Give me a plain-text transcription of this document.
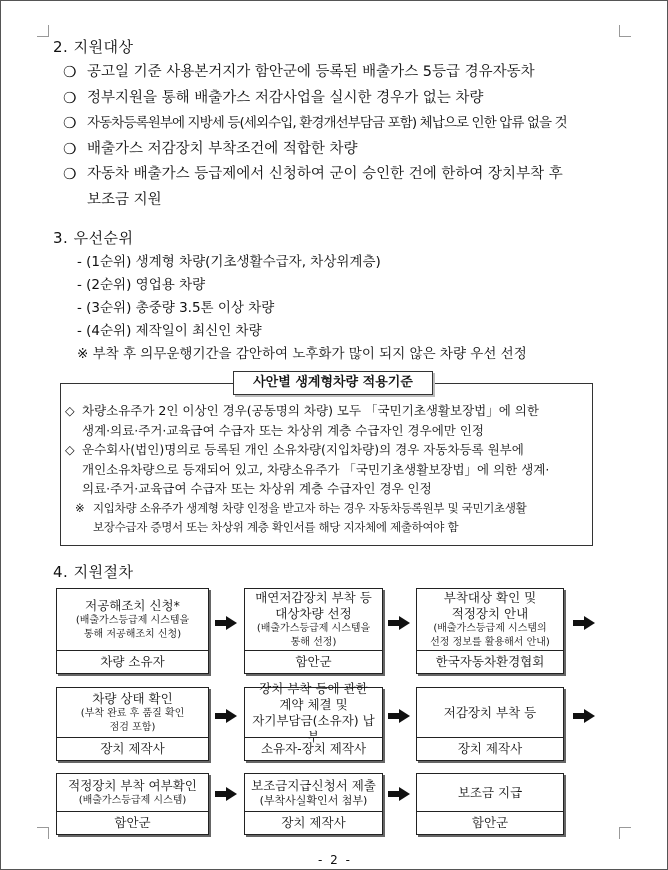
2. 지원대상
❍ 공고일 기준 사용본거지가 함안군에 등록된 배출가스 5등급 경유자동차
❍ 정부지원을 통해 배출가스 저감사업을 실시한 경우가 없는 차량
❍ 자동차등록원부에 지방세 등(세외수입, 환경개선부담금 포함) 체납으로 인한 압류 없을 것
❍ 배출가스 저감장치 부착조건에 적합한 차량
❍ 자동차 배출가스 등급제에서 신청하여 군이 승인한 건에 한하여 장치부착 후
보조금 지원
3. 우선순위
- (1순위) 생계형 차량(기초생활수급자, 차상위계층)
- (2순위) 영업용 차량
- (3순위) 총중량 3.5톤 이상 차량
- (4순위) 제작일이 최신인 차량
※ 부착 후 의무운행기간을 감안하여 노후화가 많이 되지 않은 차량 우선 선정
사안별 생계형차량 적용기준
◇ 차량소유주가 2인 이상인 경우(공동명의 차량) 모두 「국민기초생활보장법」에 의한
생계·의료·주거·교육급여 수급자 또는 차상위 계층 수급자인 경우에만 인정
◇ 운수회사(법인)명의로 등록된 개인 소유차량(지입차량)의 경우 자동차등록 원부에
개인소유차량으로 등재되어 있고, 차량소유주가 「국민기초생활보장법」에 의한 생계·
의료·주거·교육급여 수급자 또는 차상위 계층 수급자인 경우 인정
※ 지입차량 소유주가 생계형 차량 인정을 받고자 하는 경우 자동차등록원부 및 국민기초생활
보장수급자 증명서 또는 차상위 계층 확인서를 해당 지자체에 제출하여야 함
4. 지원절차
저공해조치 신청*
(배출가스등급제 시스템을
통해 저공해조치 신청)
차량 소유자
매연저감장치 부착 등
대상차량 선정
(배출가스등급제 시스템을
통해 선정)
함안군
부착대상 확인 및
적정장치 안내
(배출가스등급제 시스템의
선정 정보를 활용해서 안내)
한국자동차환경협회
차량 상태 확인
(부착 완료 후 품질 확인
점검 포함)
장치 제작사
장치 부착 등에 관한
계약 체결 및
자기부담금(소유자) 납부
소유자-장치 제작사
저감장치 부착 등
장치 제작사
적정장치 부착 여부확인
(배출가스등급제 시스템)
함안군
보조금지급신청서 제출
(부착사실확인서 첨부)
장치 제작사
보조금 지급
함안군
- 2 -
